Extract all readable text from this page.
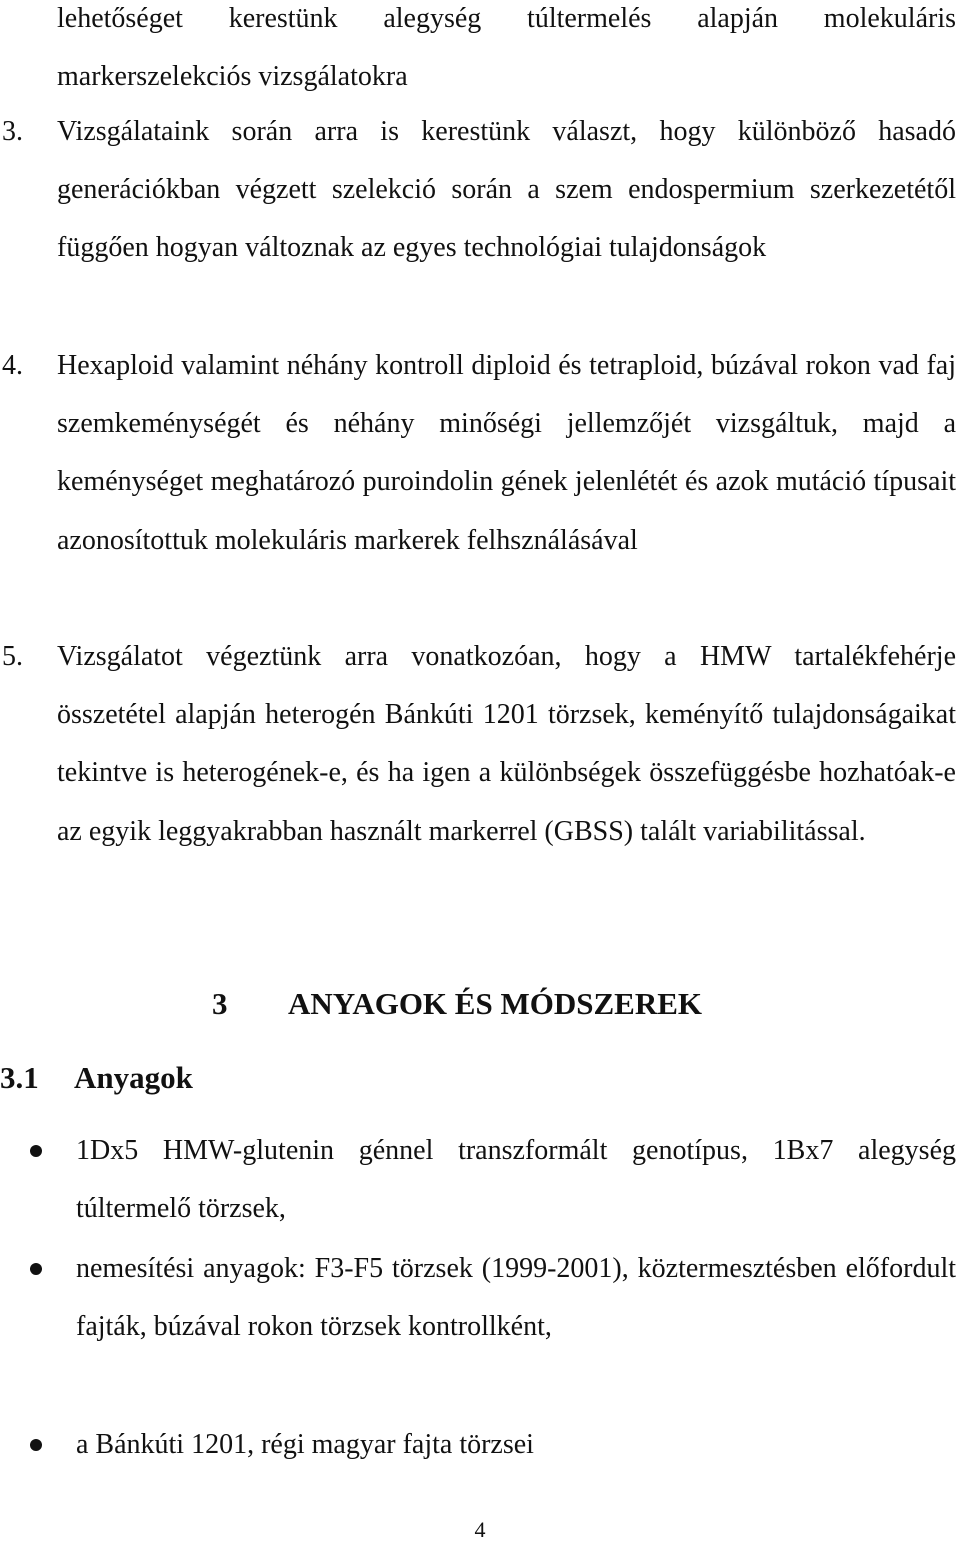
lehetőséget kerestünk alegység túltermelés alapján molekuláris markerszelekciós vizsgálatokra

3.	Vizsgálataink során arra is kerestünk választ, hogy különböző hasadó generációkban végzett szelekció során a szem endospermium szerkezetétől függően hogyan változnak az egyes technológiai tulajdonságok
4.	Hexaploid valamint néhány kontroll diploid és tetraploid, búzával rokon vad faj szemkeménységét és néhány minőségi jellemzőjét vizsgáltuk, majd a keménységet meghatározó puroindolin gének jelenlétét és azok mutáció típusait azonosítottuk molekuláris markerek felhsználásával
5.	Vizsgálatot végeztünk arra vonatkozóan, hogy a HMW tartalékfehérje összetétel alapján heterogén Bánkúti 1201 törzsek, keményítő tulajdonságaikat tekintve is heterogének-e, és ha igen a különbségek összefüggésbe hozhatóak-e az egyik leggyakrabban használt markerrel (GBSS) talált variabilitással.
3 ANYAGOK ÉS MÓDSZEREK
3.1 Anyagok
1Dx5 HMW-glutenin génnel transzformált genotípus, 1Bx7 alegység túltermelő törzsek,
nemesítési anyagok: F3-F5 törzsek (1999-2001), köztermesztésben előfordult fajták, búzával rokon törzsek kontrollként,
a Bánkúti 1201, régi magyar fajta törzsei
4
